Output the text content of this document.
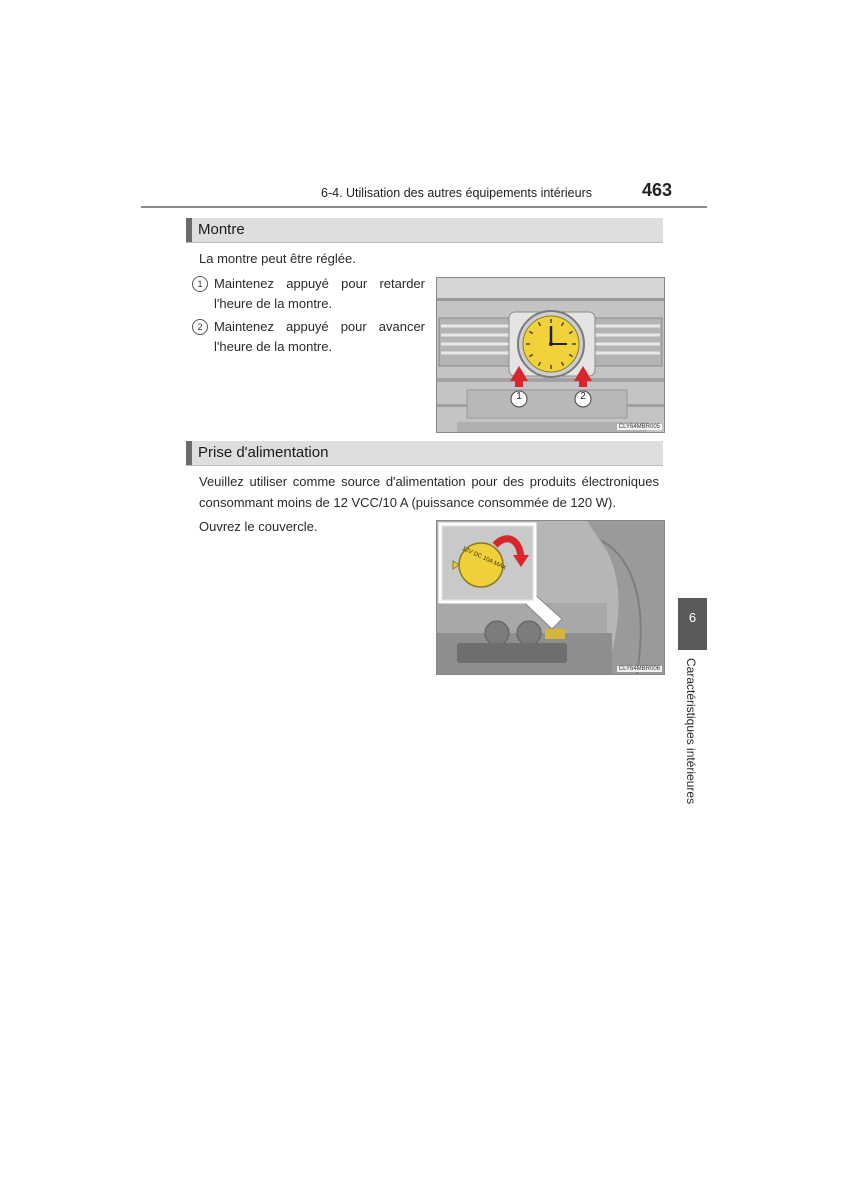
6-4. Utilisation des autres équipements intérieurs	463
Montre
La montre peut être réglée.
1 Maintenez appuyé pour retarder
l'heure de la montre.
2 Maintenez appuyé pour avancer
l'heure de la montre.
1	2
CLY64MBR005
Prise d'alimentation
Veuillez utiliser comme source d'alimentation pour des produits électroniques
consommant moins de 12 VCC/10 A (puissance consommée de 120 W).
Ouvrez le couvercle.
12V DC 10A MAX
CLY64MBR006
6
Caractéristiques intérieures
